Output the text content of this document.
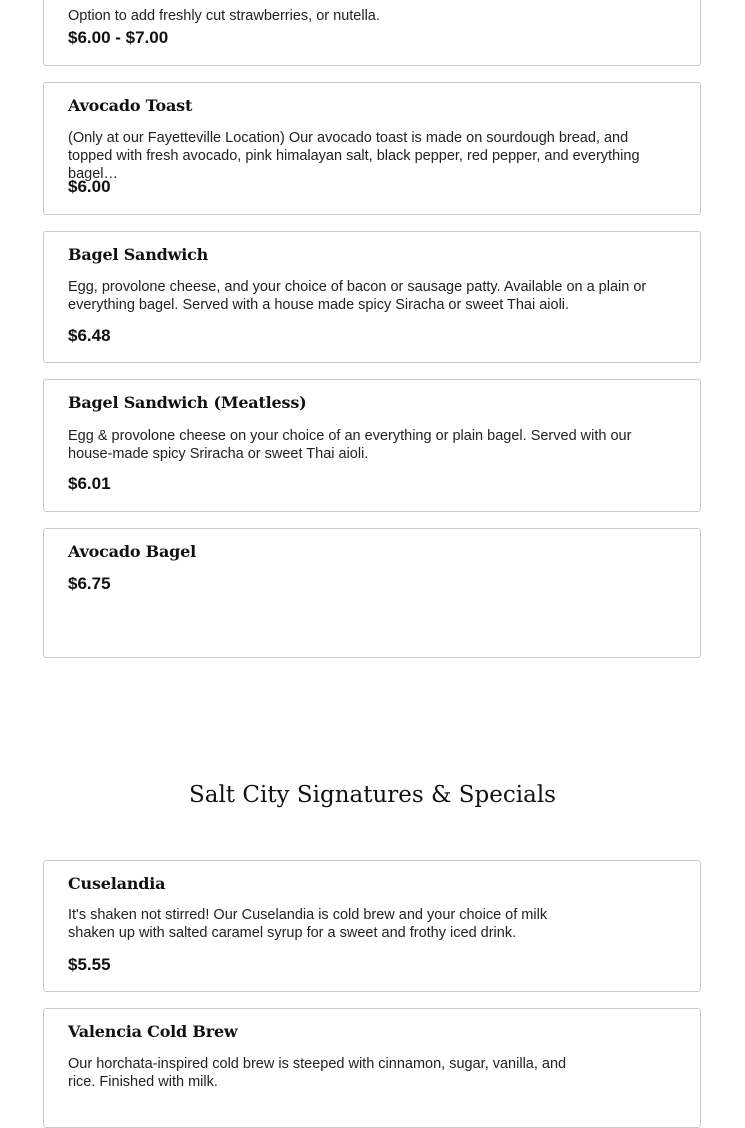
Option to add freshly cut strawberries, or nutella.
$6.00 - $7.00
Avocado Toast
(Only at our Fayetteville Location) Our avocado toast is made on sourdough bread, and topped with fresh avocado, pink himalayan salt, black pepper, red pepper, and everything bagel…
$6.00
Bagel Sandwich
Egg, provolone cheese, and your choice of bacon or sausage patty. Available on a plain or everything bagel. Served with a house made spicy Siracha or sweet Thai aioli.
$6.48
Bagel Sandwich (Meatless)
Egg & provolone cheese on your choice of an everything or plain bagel. Served with our house-made spicy Sriracha or sweet Thai aioli.
$6.01
Avocado Bagel
$6.75
Salt City Signatures & Specials
Cuselandia
It's shaken not stirred! Our Cuselandia is cold brew and your choice of milk shaken up with salted caramel syrup for a sweet and frothy iced drink.
$5.55
Valencia Cold Brew
Our horchata-inspired cold brew is steeped with cinnamon, sugar, vanilla, and rice. Finished with milk.
